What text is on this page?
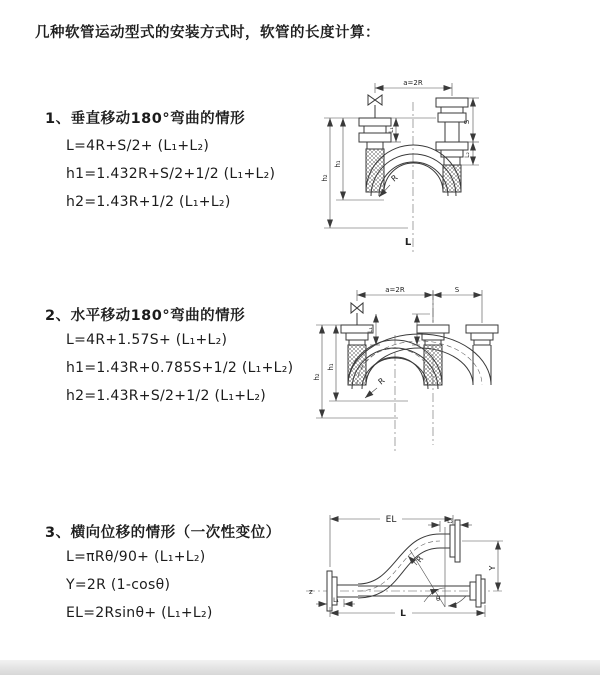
几种软管运动型式的安装方式时，软管的长度计算：
1、垂直移动180°弯曲的情形
L=4R+S/2+ (L₁+L₂)
h1=1.432R+S/2+1/2 (L₁+L₂)
h2=1.43R+1/2 (L₁+L₂)
2、水平移动180°弯曲的情形
L=4R+1.57S+ (L₁+L₂)
h1=1.43R+0.785S+1/2 (L₁+L₂)
h2=1.43R+S/2+1/2 (L₁+L₂)
3、横向位移的情形（一次性变位）
L=πRθ/90+ (L₁+L₂)
Y=2R (1-cosθ)
EL=2Rsinθ+ (L₁+L₂)
a=2R
h₁
h₂
L₁
S
L₂
R
L
a=2R	S
h₁
h₂
L₁
R
z
EL	L₂
Y
L
L₁	θ
R
